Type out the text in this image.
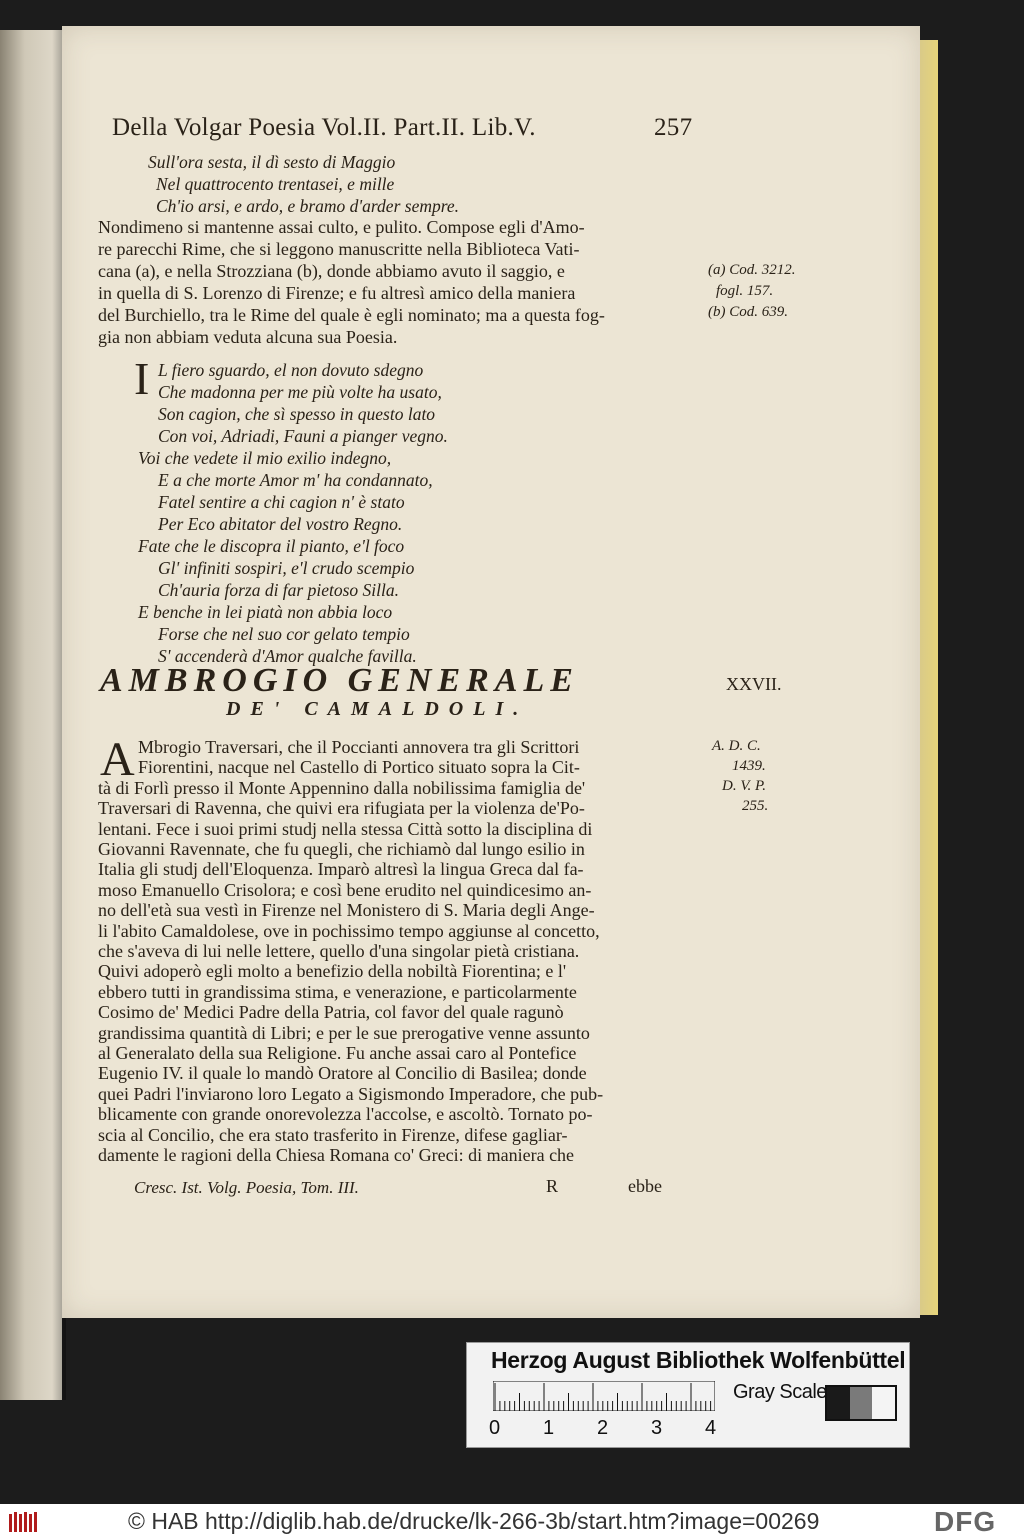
Della Volgar Poesia Vol.II. Part.II. Lib.V.	257
Sull'ora sesta, il dì sesto di Maggio
Nel quattrocento trentasei, e mille
Ch'io arsi, e ardo, e bramo d'arder sempre.
Nondimeno si mantenne assai culto, e pulito. Compose egli d'Amo-
re parecchi Rime, che si leggono manuscritte nella Biblioteca Vati-
cana (a), e nella Strozziana (b), donde abbiamo avuto il saggio, e
in quella di S. Lorenzo di Firenze; e fu altresì amico della maniera
del Burchiello, tra le Rime del quale è egli nominato; ma a questa fog-
gia non abbiam veduta alcuna sua Poesia.
(a) Cod. 3212.
fogl. 157.
(b) Cod. 639.
I L fiero sguardo, el non dovuto sdegno
Che madonna per me più volte ha usato,
Son cagion, che sì spesso in questo lato
Con voi, Adriadi, Fauni a pianger vegno.
Voi che vedete il mio exilio indegno,
E a che morte Amor m' ha condannato,
Fatel sentire a chi cagion n' è stato
Per Eco abitator del vostro Regno.
Fate che le discopra il pianto, e'l foco
Gl' infiniti sospiri, e'l crudo scempio
Ch'auria forza di far pietoso Silla.
E benche in lei piatà non abbia loco
Forse che nel suo cor gelato tempio
S' accenderà d'Amor qualche favilla.
AMBROGIO GENERALE
DE' CAMALDOLI.
XXVII.
A Mbrogio Traversari, che il Poccianti annovera tra gli Scrittori
Fiorentini, nacque nel Castello di Portico situato sopra la Cit-
tà di Forlì presso il Monte Appennino dalla nobilissima famiglia de'
Traversari di Ravenna, che quivi era rifugiata per la violenza de'Po-
lentani. Fece i suoi primi studj nella stessa Città sotto la disciplina di
Giovanni Ravennate, che fu quegli, che richiamò dal lungo esilio in
Italia gli studj dell'Eloquenza. Imparò altresì la lingua Greca dal fa-
moso Emanuello Crisolora; e così bene erudito nel quindicesimo an-
no dell'età sua vestì in Firenze nel Monistero di S. Maria degli Ange-
li l'abito Camaldolese, ove in pochissimo tempo aggiunse al concetto,
che s'aveva di lui nelle lettere, quello d'una singolar pietà cristiana.
Quivi adoperò egli molto a benefizio della nobiltà Fiorentina; e l'
ebbero tutti in grandissima stima, e venerazione, e particolarmente
Cosimo de' Medici Padre della Patria, col favor del quale ragunò
grandissima quantità di Libri; e per le sue prerogative venne assunto
al Generalato della sua Religione. Fu anche assai caro al Pontefice
Eugenio IV. il quale lo mandò Oratore al Concilio di Basilea; donde
quei Padri l'inviarono loro Legato a Sigismondo Imperadore, che pub-
blicamente con grande onorevolezza l'accolse, e ascoltò. Tornato po-
scia al Concilio, che era stato trasferito in Firenze, difese gagliar-
damente le ragioni della Chiesa Romana co' Greci: di maniera che
A. D. C.
1439.
D. V. P.
255.
Cresc. Ist. Volg. Poesia, Tom. III.	R	ebbe
Herzog August Bibliothek Wolfenbüttel
0 1 2 3 4
Gray Scale
© HAB http://diglib.hab.de/drucke/lk-266-3b/start.htm?image=00269	DFG
